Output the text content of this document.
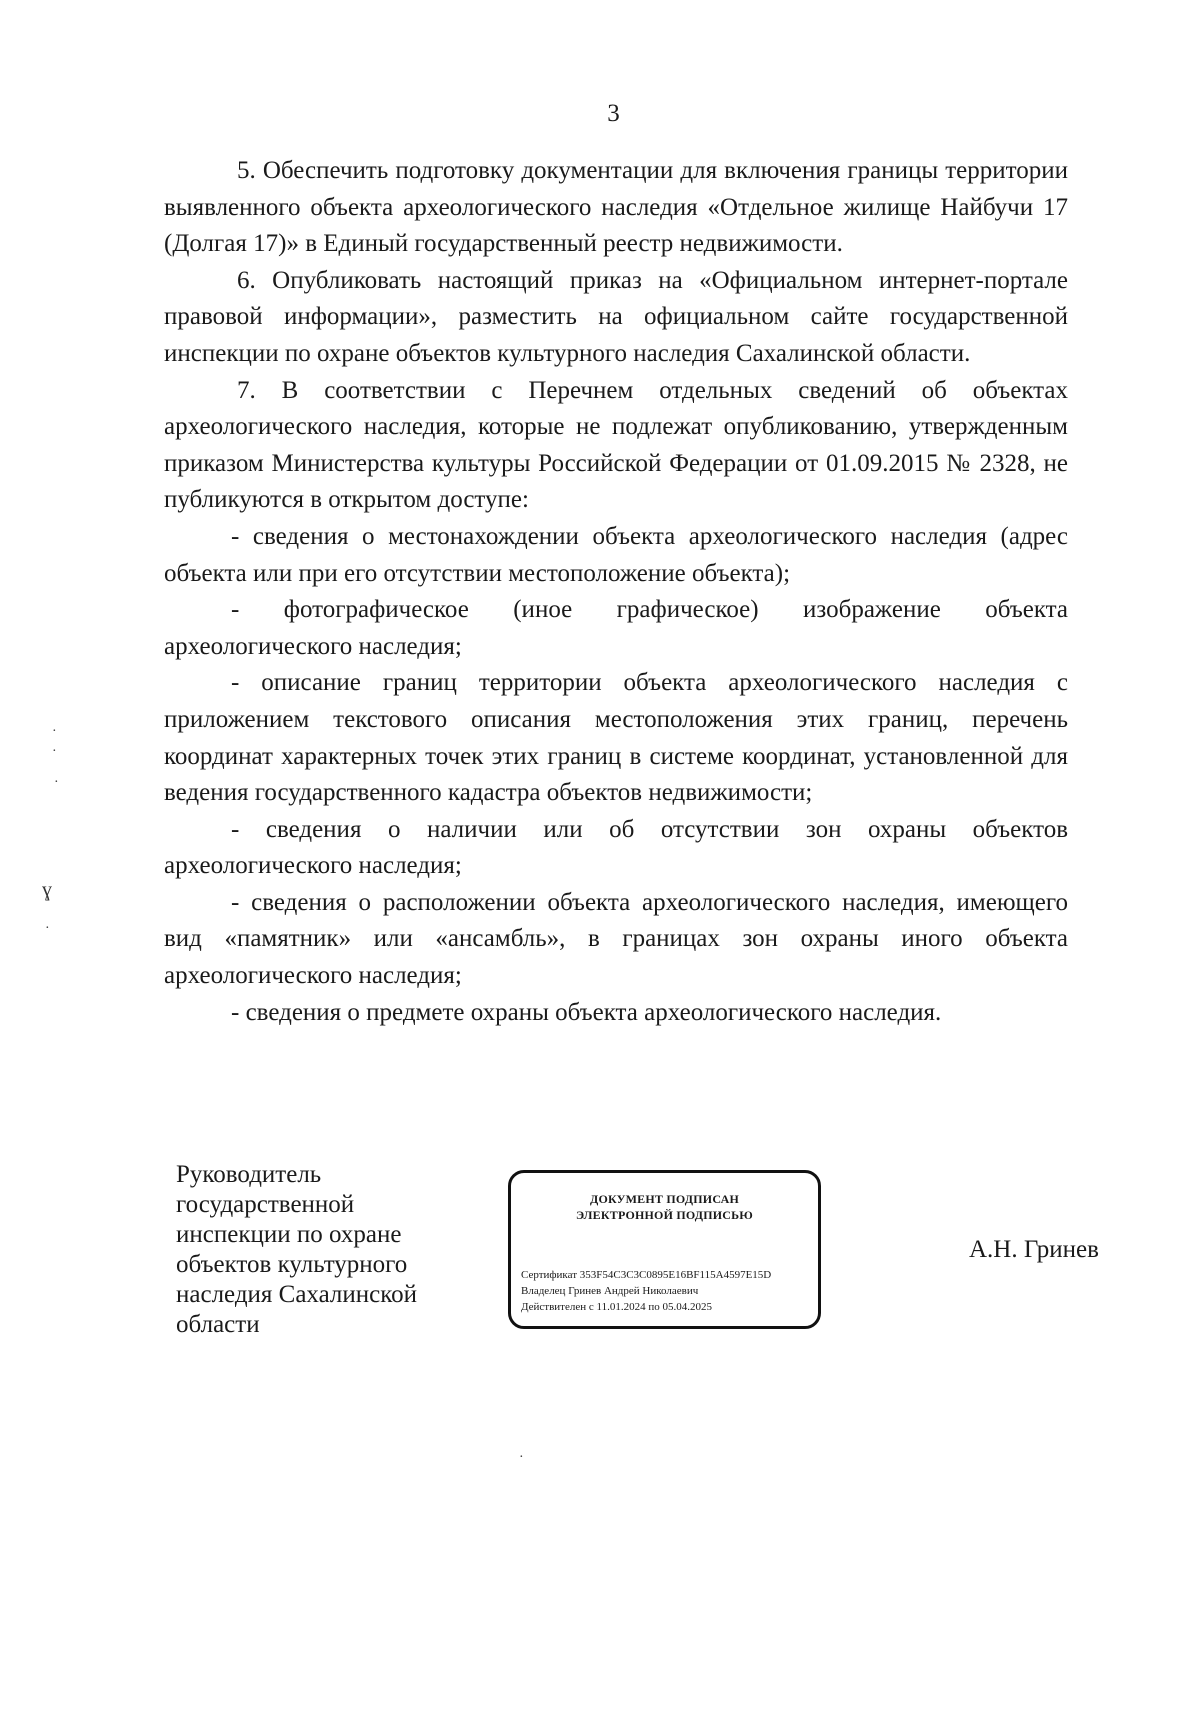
3

5. Обеспечить подготовку документации для включения границы территории выявленного объекта археологического наследия «Отдельное жилище Найбучи 17 (Долгая 17)» в Единый государственный реестр недвижимости.

6. Опубликовать настоящий приказ на «Официальном интернет-портале правовой информации», разместить на официальном сайте государственной инспекции по охране объектов культурного наследия Сахалинской области.

7. В соответствии с Перечнем отдельных сведений об объектах археологического наследия, которые не подлежат опубликованию, утвержденным приказом Министерства культуры Российской Федерации от 01.09.2015 № 2328, не публикуются в открытом доступе:

- сведения о местонахождении объекта археологического наследия (адрес объекта или при его отсутствии местоположение объекта);

- фотографическое (иное графическое) изображение объекта археологического наследия;

- описание границ территории объекта археологического наследия с приложением текстового описания местоположения этих границ, перечень координат характерных точек этих границ в системе координат, установленной для ведения государственного кадастра объектов недвижимости;

- сведения о наличии или об отсутствии зон охраны объектов археологического наследия;

- сведения о расположении объекта археологического наследия, имеющего вид «памятник» или «ансамбль», в границах зон охраны иного объекта археологического наследия;

- сведения о предмете охраны объекта археологического наследия.

Руководитель
государственной
инспекции по охране
объектов культурного
наследия Сахалинской
области
ДОКУМЕНТ ПОДПИСАН
ЭЛЕКТРОННОЙ ПОДПИСЬЮ
Сертификат 353F54C3C3C0895E16BF115A4597E15D
Владелец Гринев Андрей Николаевич
Действителен с 11.01.2024 по 05.04.2025
А.Н. Гринев
·
·
·
ɣ
·
·
